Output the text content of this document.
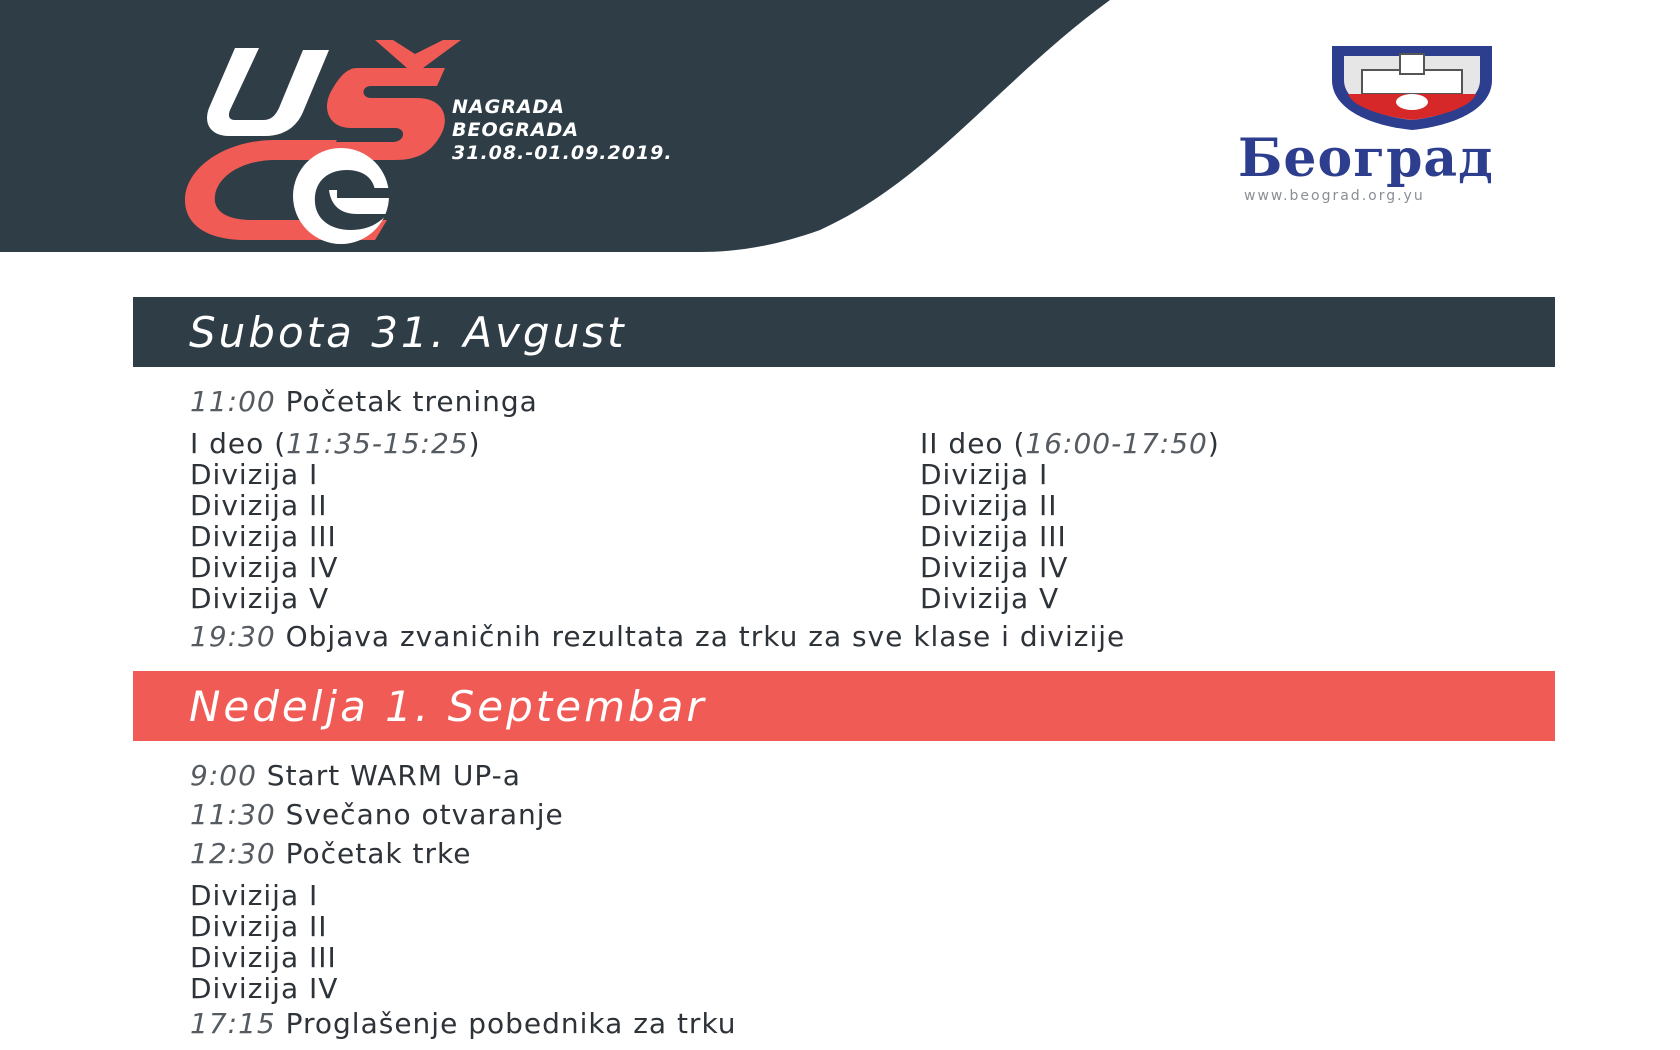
NAGRADA
BEOGRADA
31.08.-01.09.2019.	Београд
www.beograd.org.yu
Subota 31. Avgust
11:00 Početak treninga
I deo (11:35-15:25)
Divizija I
Divizija II
Divizija III
Divizija IV
Divizija V
II deo (16:00-17:50)
Divizija I
Divizija II
Divizija III
Divizija IV
Divizija V
19:30 Objava zvaničnih rezultata za trku za sve klase i divizije
Nedelja 1. Septembar
9:00 Start WARM UP-a
11:30 Svečano otvaranje
12:30 Početak trke
Divizija I
Divizija II
Divizija III
Divizija IV
17:15 Proglašenje pobednika za trku
